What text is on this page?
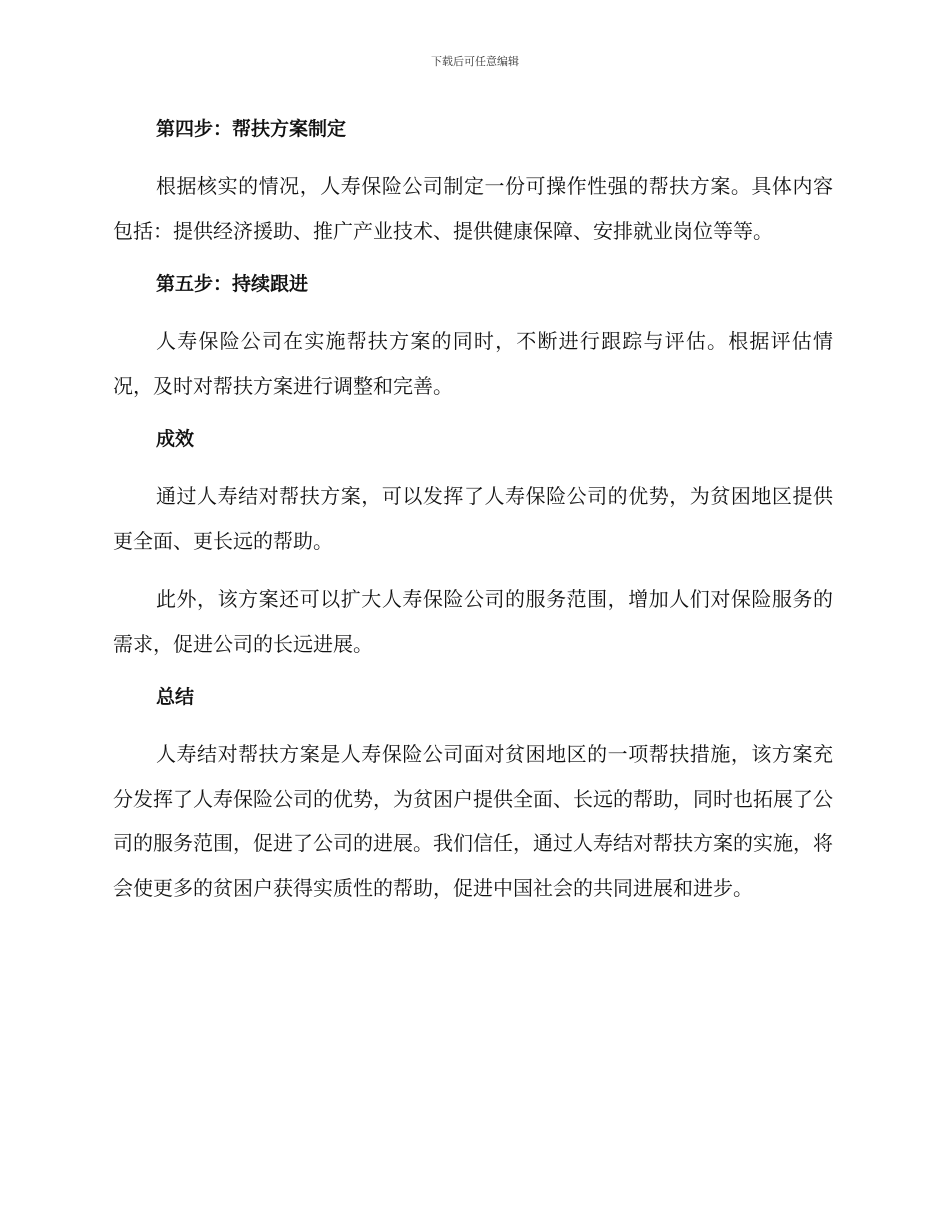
下载后可任意编辑
第四步：帮扶方案制定

根据核实的情况，人寿保险公司制定一份可操作性强的帮扶方案。具体内容包括：提供经济援助、推广产业技术、提供健康保障、安排就业岗位等等。

第五步：持续跟进

人寿保险公司在实施帮扶方案的同时，不断进行跟踪与评估。根据评估情况，及时对帮扶方案进行调整和完善。

成效

通过人寿结对帮扶方案，可以发挥了人寿保险公司的优势，为贫困地区提供更全面、更长远的帮助。

此外，该方案还可以扩大人寿保险公司的服务范围，增加人们对保险服务的需求，促进公司的长远进展。

总结

人寿结对帮扶方案是人寿保险公司面对贫困地区的一项帮扶措施，该方案充分发挥了人寿保险公司的优势，为贫困户提供全面、长远的帮助，同时也拓展了公司的服务范围，促进了公司的进展。我们信任，通过人寿结对帮扶方案的实施，将会使更多的贫困户获得实质性的帮助，促进中国社会的共同进展和进步。
